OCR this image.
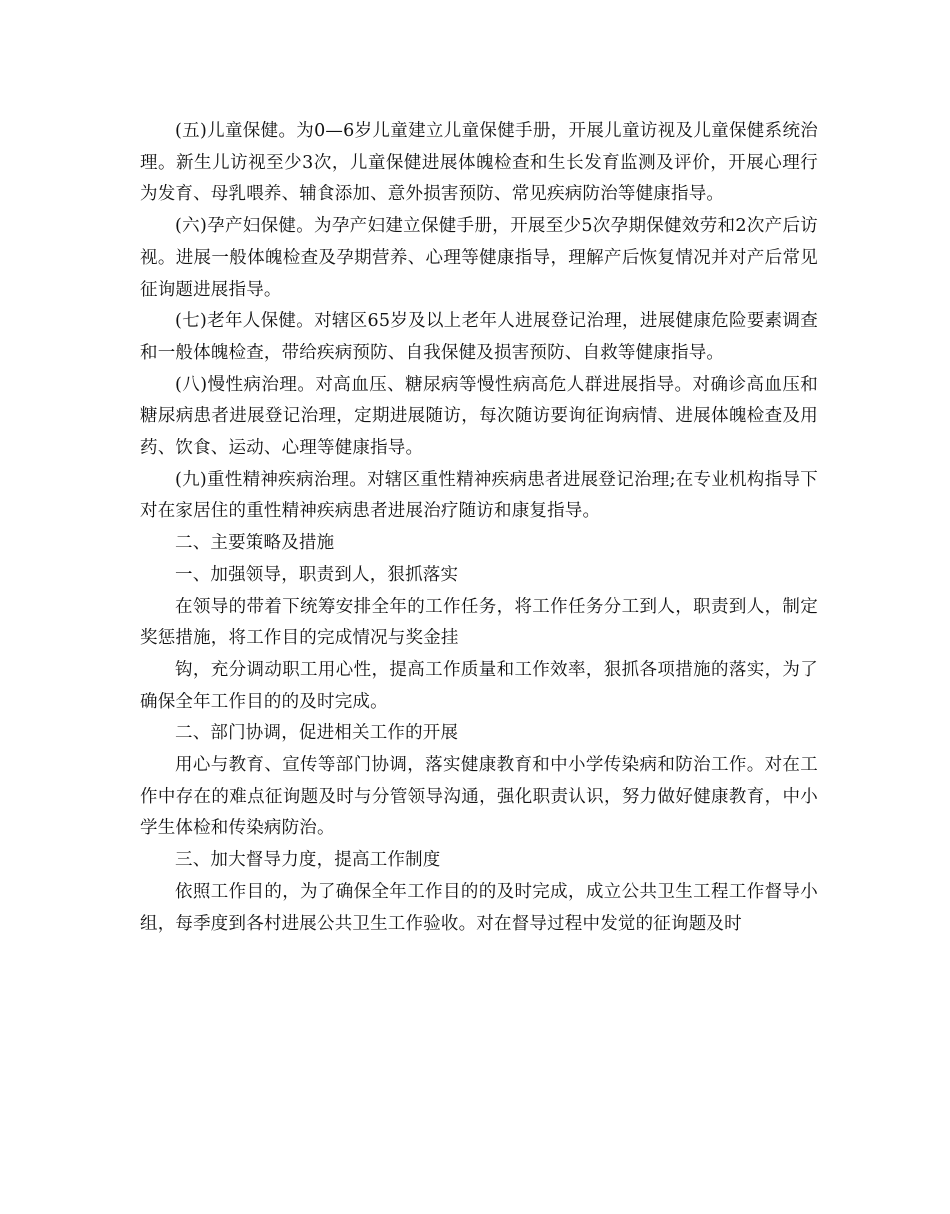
(五)儿童保健。为0—6岁儿童建立儿童保健手册，开展儿童访视及儿童保健系统治理。新生儿访视至少3次，儿童保健进展体魄检查和生长发育监测及评价，开展心理行为发育、母乳喂养、辅食添加、意外损害预防、常见疾病防治等健康指导。

(六)孕产妇保健。为孕产妇建立保健手册，开展至少5次孕期保健效劳和2次产后访视。进展一般体魄检查及孕期营养、心理等健康指导，理解产后恢复情况并对产后常见征询题进展指导。

(七)老年人保健。对辖区65岁及以上老年人进展登记治理，进展健康危险要素调查和一般体魄检查，带给疾病预防、自我保健及损害预防、自救等健康指导。

(八)慢性病治理。对高血压、糖尿病等慢性病高危人群进展指导。对确诊高血压和糖尿病患者进展登记治理，定期进展随访，每次随访要询征询病情、进展体魄检查及用药、饮食、运动、心理等健康指导。

(九)重性精神疾病治理。对辖区重性精神疾病患者进展登记治理;在专业机构指导下对在家居住的重性精神疾病患者进展治疗随访和康复指导。

二、主要策略及措施

一、加强领导，职责到人，狠抓落实

在领导的带着下统筹安排全年的工作任务，将工作任务分工到人，职责到人，制定奖惩措施，将工作目的完成情况与奖金挂

钩，充分调动职工用心性，提高工作质量和工作效率，狠抓各项措施的落实，为了确保全年工作目的的及时完成。

二、部门协调，促进相关工作的开展

用心与教育、宣传等部门协调，落实健康教育和中小学传染病和防治工作。对在工作中存在的难点征询题及时与分管领导沟通，强化职责认识，努力做好健康教育，中小学生体检和传染病防治。

三、加大督导力度，提高工作制度

依照工作目的，为了确保全年工作目的的及时完成，成立公共卫生工程工作督导小组，每季度到各村进展公共卫生工作验收。对在督导过程中发觉的征询题及时
